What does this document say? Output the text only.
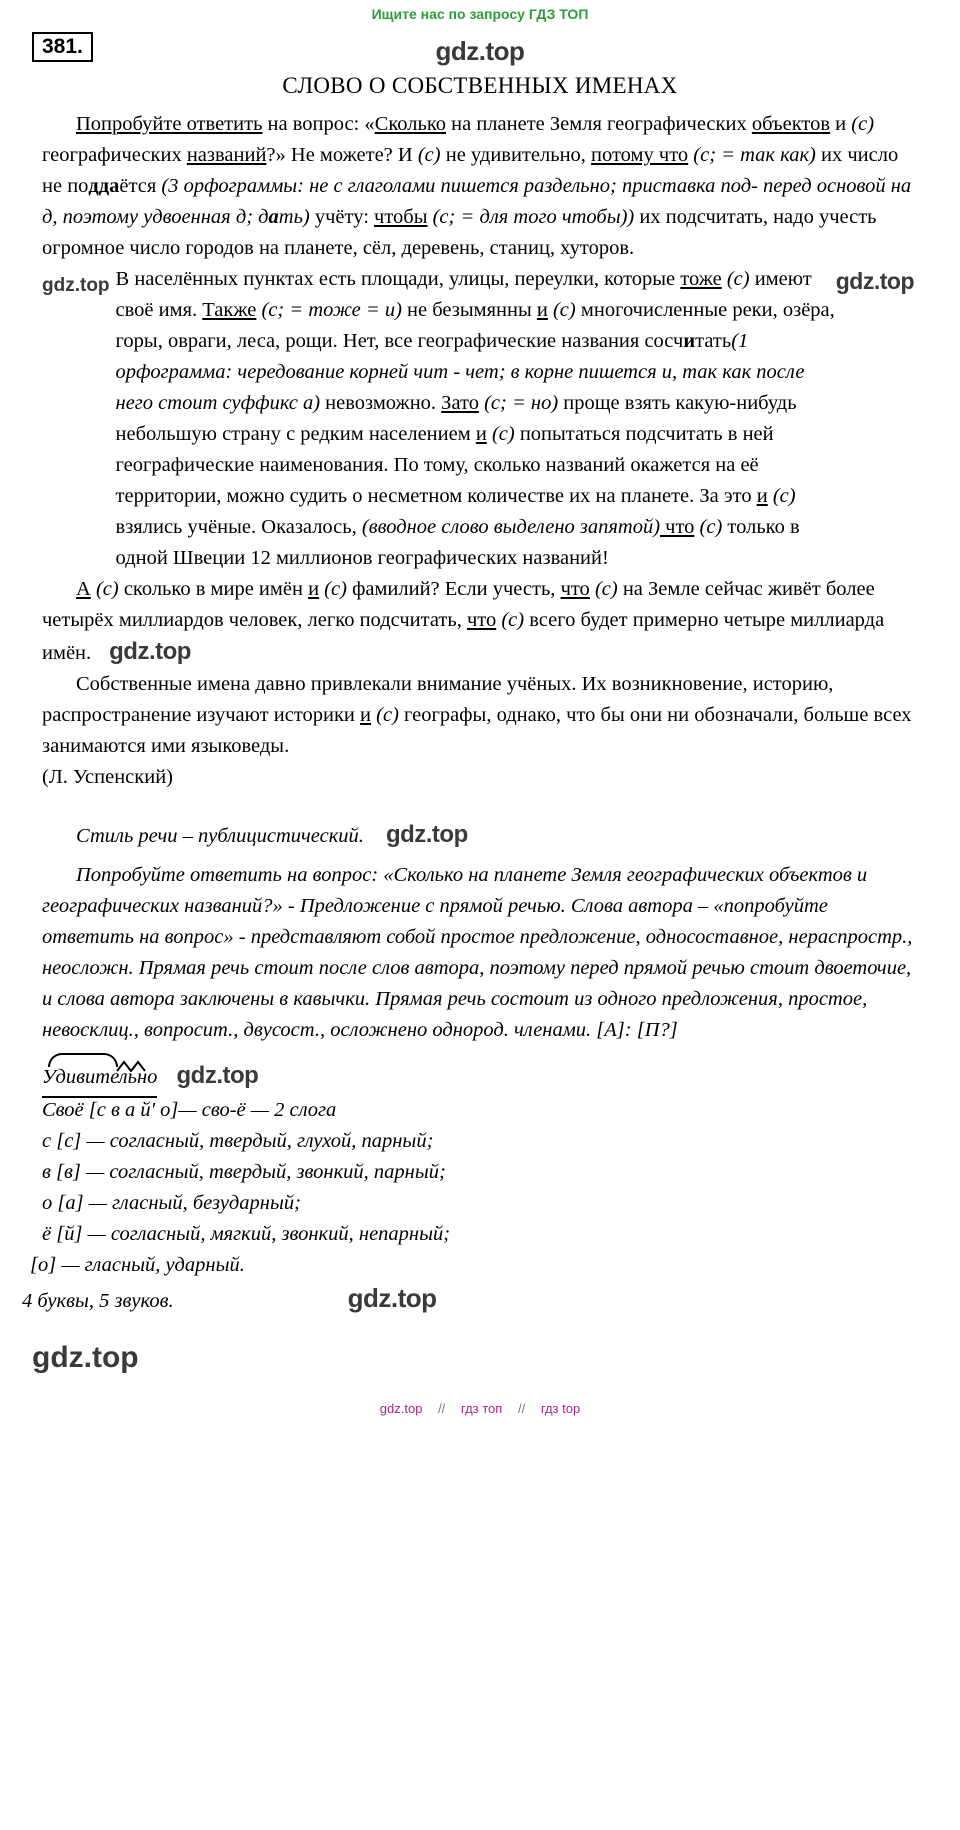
Ищите нас по запросу ГДЗ ТОП
381.	gdz.top
СЛОВО О СОБСТВЕННЫХ ИМЕНАХ

Попробуйте ответить на вопрос: «Сколько на планете Земля географических объектов и (с) географических названий?» Не можете? И (с) не удивительно, потому что (с; = так как) их число не поддаётся (3 орфограммы: не с глаголами пишется раздельно; приставка под- перед основой на д, поэтому удвоенная д; дать) учёту: чтобы (с; = для того чтобы)) их подсчитать, надо учесть огромное число городов на планете, сёл, деревень, станиц, хуторов.

gdz.top
gdz.top В населённых пунктах есть площади, улицы, переулки, которые тоже (с) имеют своё имя. Также (с; = тоже = и) не безымянны и (с) многочисленные реки, озёра, горы, овраги, леса, рощи. Нет, все географические названия сосчитать(1 орфограмма: чередование корней чит - чет; в корне пишется и, так как после него стоит суффикс а) невозможно. Зато (с; = но) проще взять какую-нибудь небольшую страну с редким населением и (с) попытаться подсчитать в ней географические наименования. По тому, сколько названий окажется на её территории, можно судить о несметном количестве их на планете. За это и (с) взялись учёные. Оказалось, (вводное слово выделено запятой) что (с) только в одной Швеции 12 миллионов географических названий!

А (с) сколько в мире имён и (с) фамилий? Если учесть, что (с) на Земле сейчас живёт более четырёх миллиардов человек, легко подсчитать, что (с) всего будет примерно четыре миллиарда имён. gdz.top

Собственные имена давно привлекали внимание учёных. Их возникновение, историю, распространение изучают историки и (с) географы, однако, что бы они ни обозначали, больше всех занимаются ими языковеды.

(Л. Успенский)

Стиль речи – публицистический. gdz.top

Попробуйте ответить на вопрос: «Сколько на планете Земля географических объектов и географических названий?» - Предложение с прямой речью. Слова автора – «попробуйте ответить на вопрос» - представляют собой простое предложение, односоставное, нераспростр., неосложн. Прямая речь стоит после слов автора, поэтому перед прямой речью стоит двоеточие, и слова автора заключены в кавычки. Прямая речь состоит из одного предложения, простое, невосклиц., вопросит., двусост., осложнено однород. членами. [А]: [П?]

Удивительно gdz.top

Своё [с в а й' о]— сво-ё — 2 слога

с [с] — согласный, твердый, глухой, парный;

в [в] — согласный, твердый, звонкий, парный;

о [а] — гласный, безударный;

ё [й] — согласный, мягкий, звонкий, непарный;

[о] — гласный, ударный.

4 буквы, 5 звуков.	gdz.top
gdz.top
gdz.top // гдз топ // гдз top
